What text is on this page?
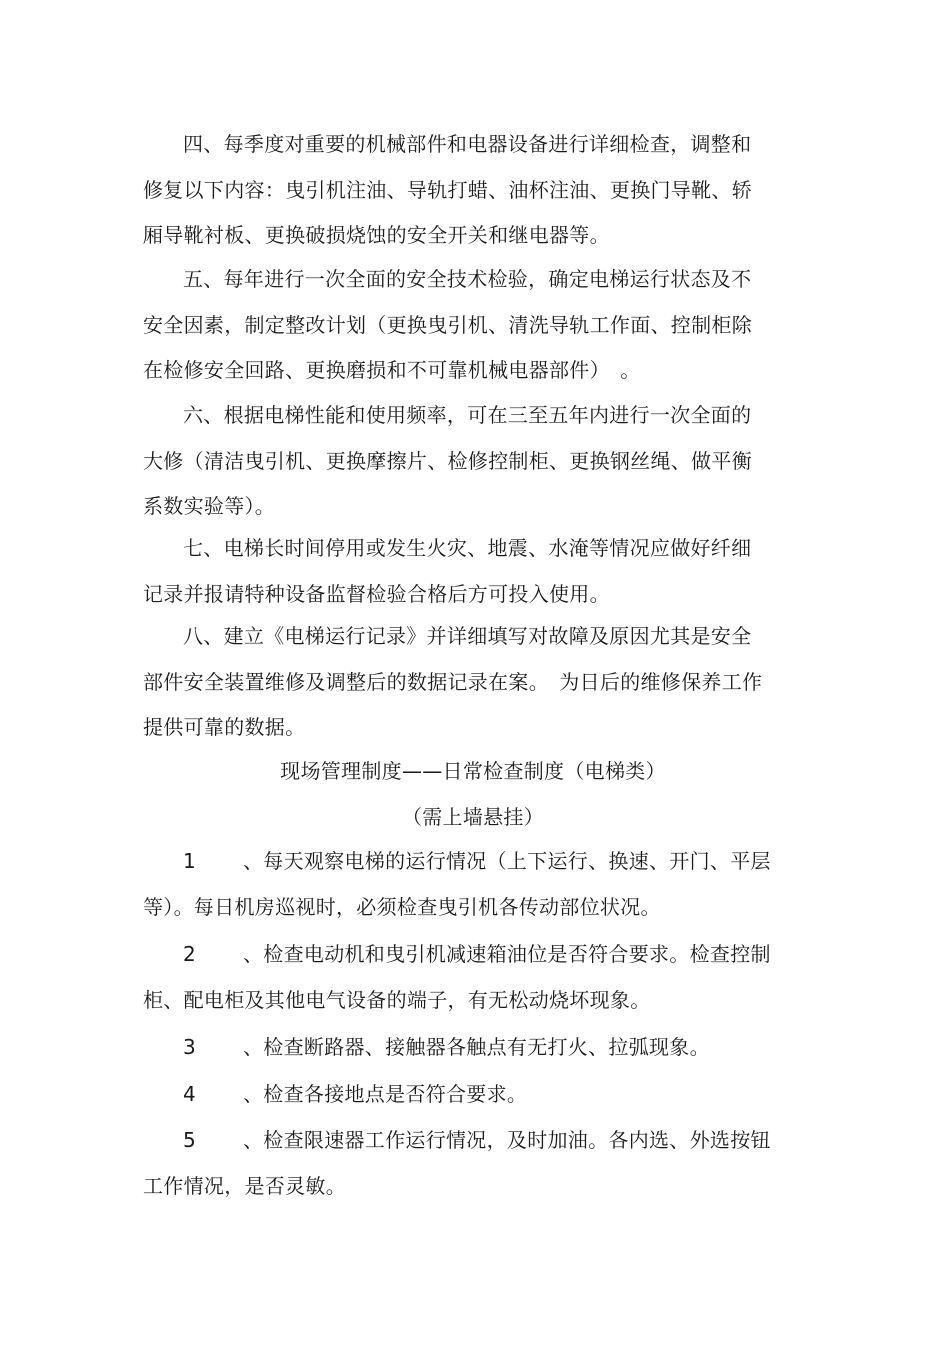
四、每季度对重要的机械部件和电器设备进行详细检查，调整和
修复以下内容：曳引机注油、导轨打蜡、油杯注油、更换门导靴、轿
厢导靴衬板、更换破损烧蚀的安全开关和继电器等。
五、每年进行一次全面的安全技术检验，确定电梯运行状态及不
安全因素，制定整改计划（更换曳引机、清洗导轨工作面、控制柜除
在检修安全回路、更换磨损和不可靠机械电器部件）　。
六、根据电梯性能和使用频率，可在三至五年内进行一次全面的
大修（清洁曳引机、更换摩擦片、检修控制柜、更换钢丝绳、做平衡
系数实验等）。
七、电梯长时间停用或发生火灾、地震、水淹等情况应做好纤细
记录并报请特种设备监督检验合格后方可投入使用。
八、建立《电梯运行记录》并详细填写对故障及原因尤其是安全
部件安全装置维修及调整后的数据记录在案。　为日后的维修保养工作
提供可靠的数据。
现场管理制度——日常检查制度（电梯类）
（需上墙悬挂）
1 、每天观察电梯的运行情况（上下运行、换速、开门、平层
等）。每日机房巡视时，必须检查曳引机各传动部位状况。
2 、检查电动机和曳引机减速箱油位是否符合要求。检查控制
柜、配电柜及其他电气设备的端子，有无松动烧坏现象。
3 、检查断路器、接触器各触点有无打火、拉弧现象。
4 、检查各接地点是否符合要求。
5 、检查限速器工作运行情况，及时加油。各内选、外选按钮
工作情况，是否灵敏。
